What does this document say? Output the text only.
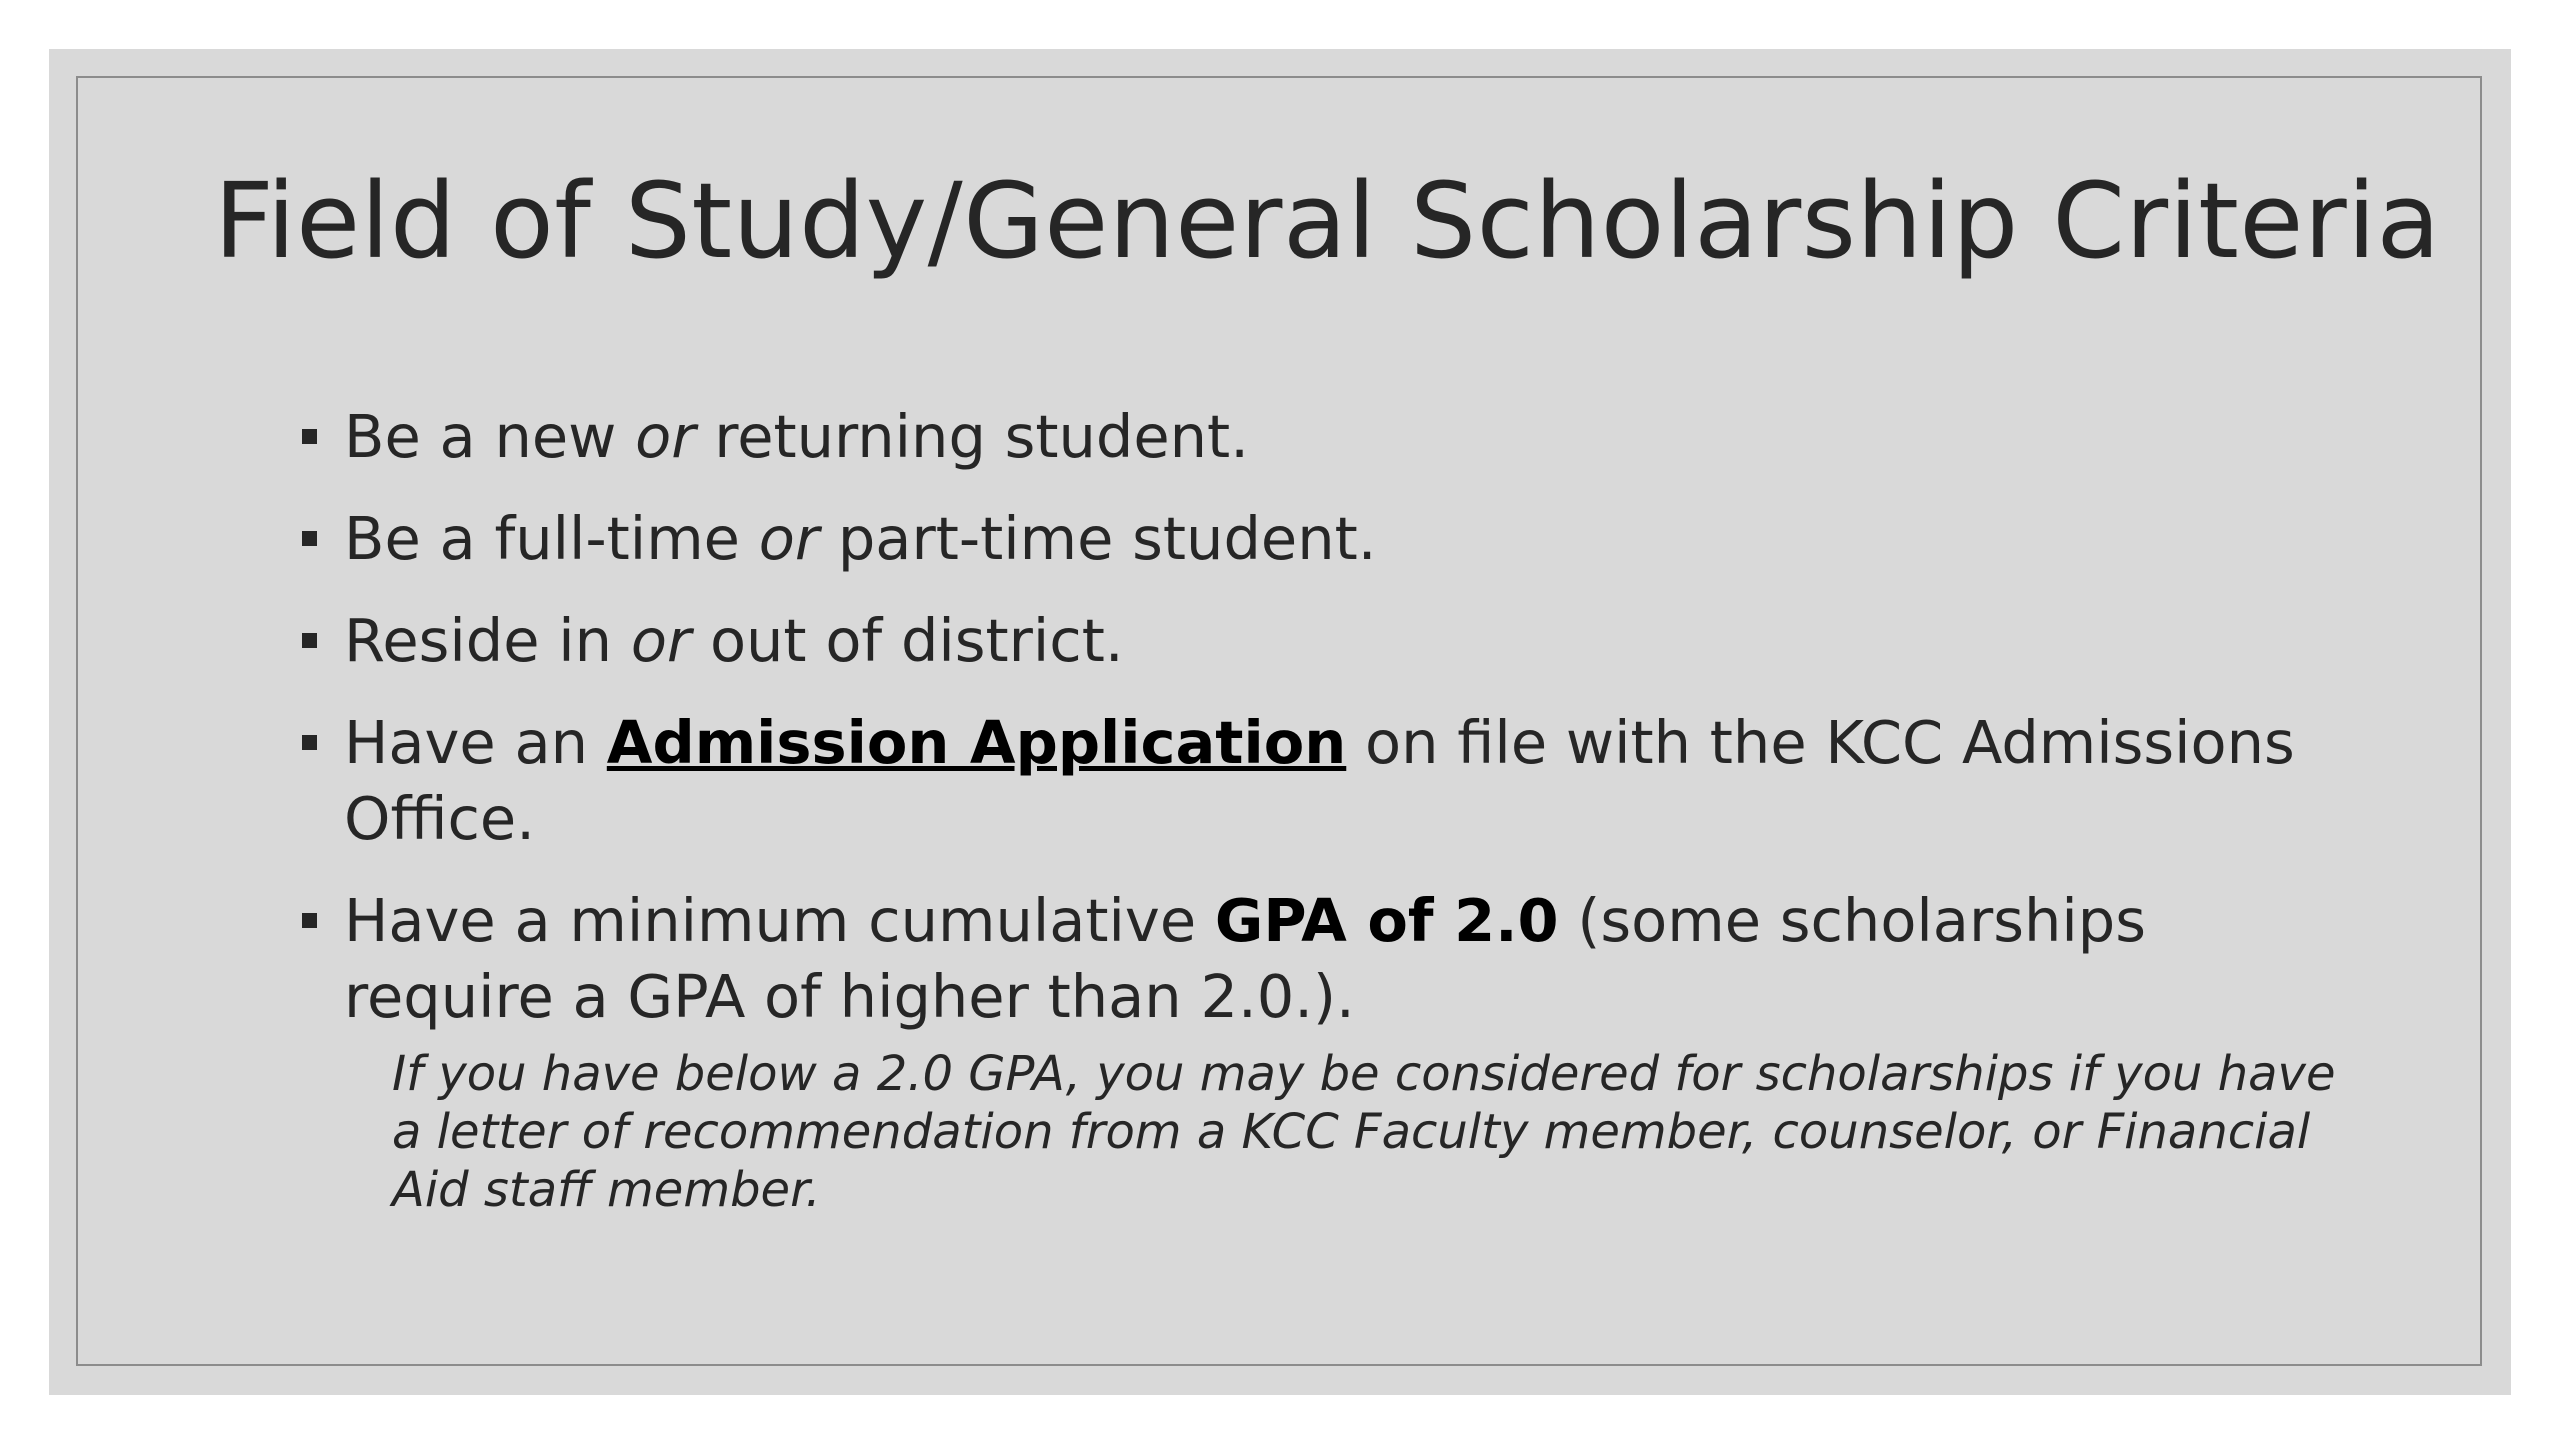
Field of Study/General Scholarship Criteria
Be a new or returning student.
Be a full-time or part-time student.
Reside in or out of district.
Have an Admission Application on file with the KCC Admissions Office.
Have a minimum cumulative GPA of 2.0 (some scholarships require a GPA of higher than 2.0.).
If you have below a 2.0 GPA, you may be considered for scholarships if you have a letter of recommendation from a KCC Faculty member, counselor, or Financial Aid staff member.
